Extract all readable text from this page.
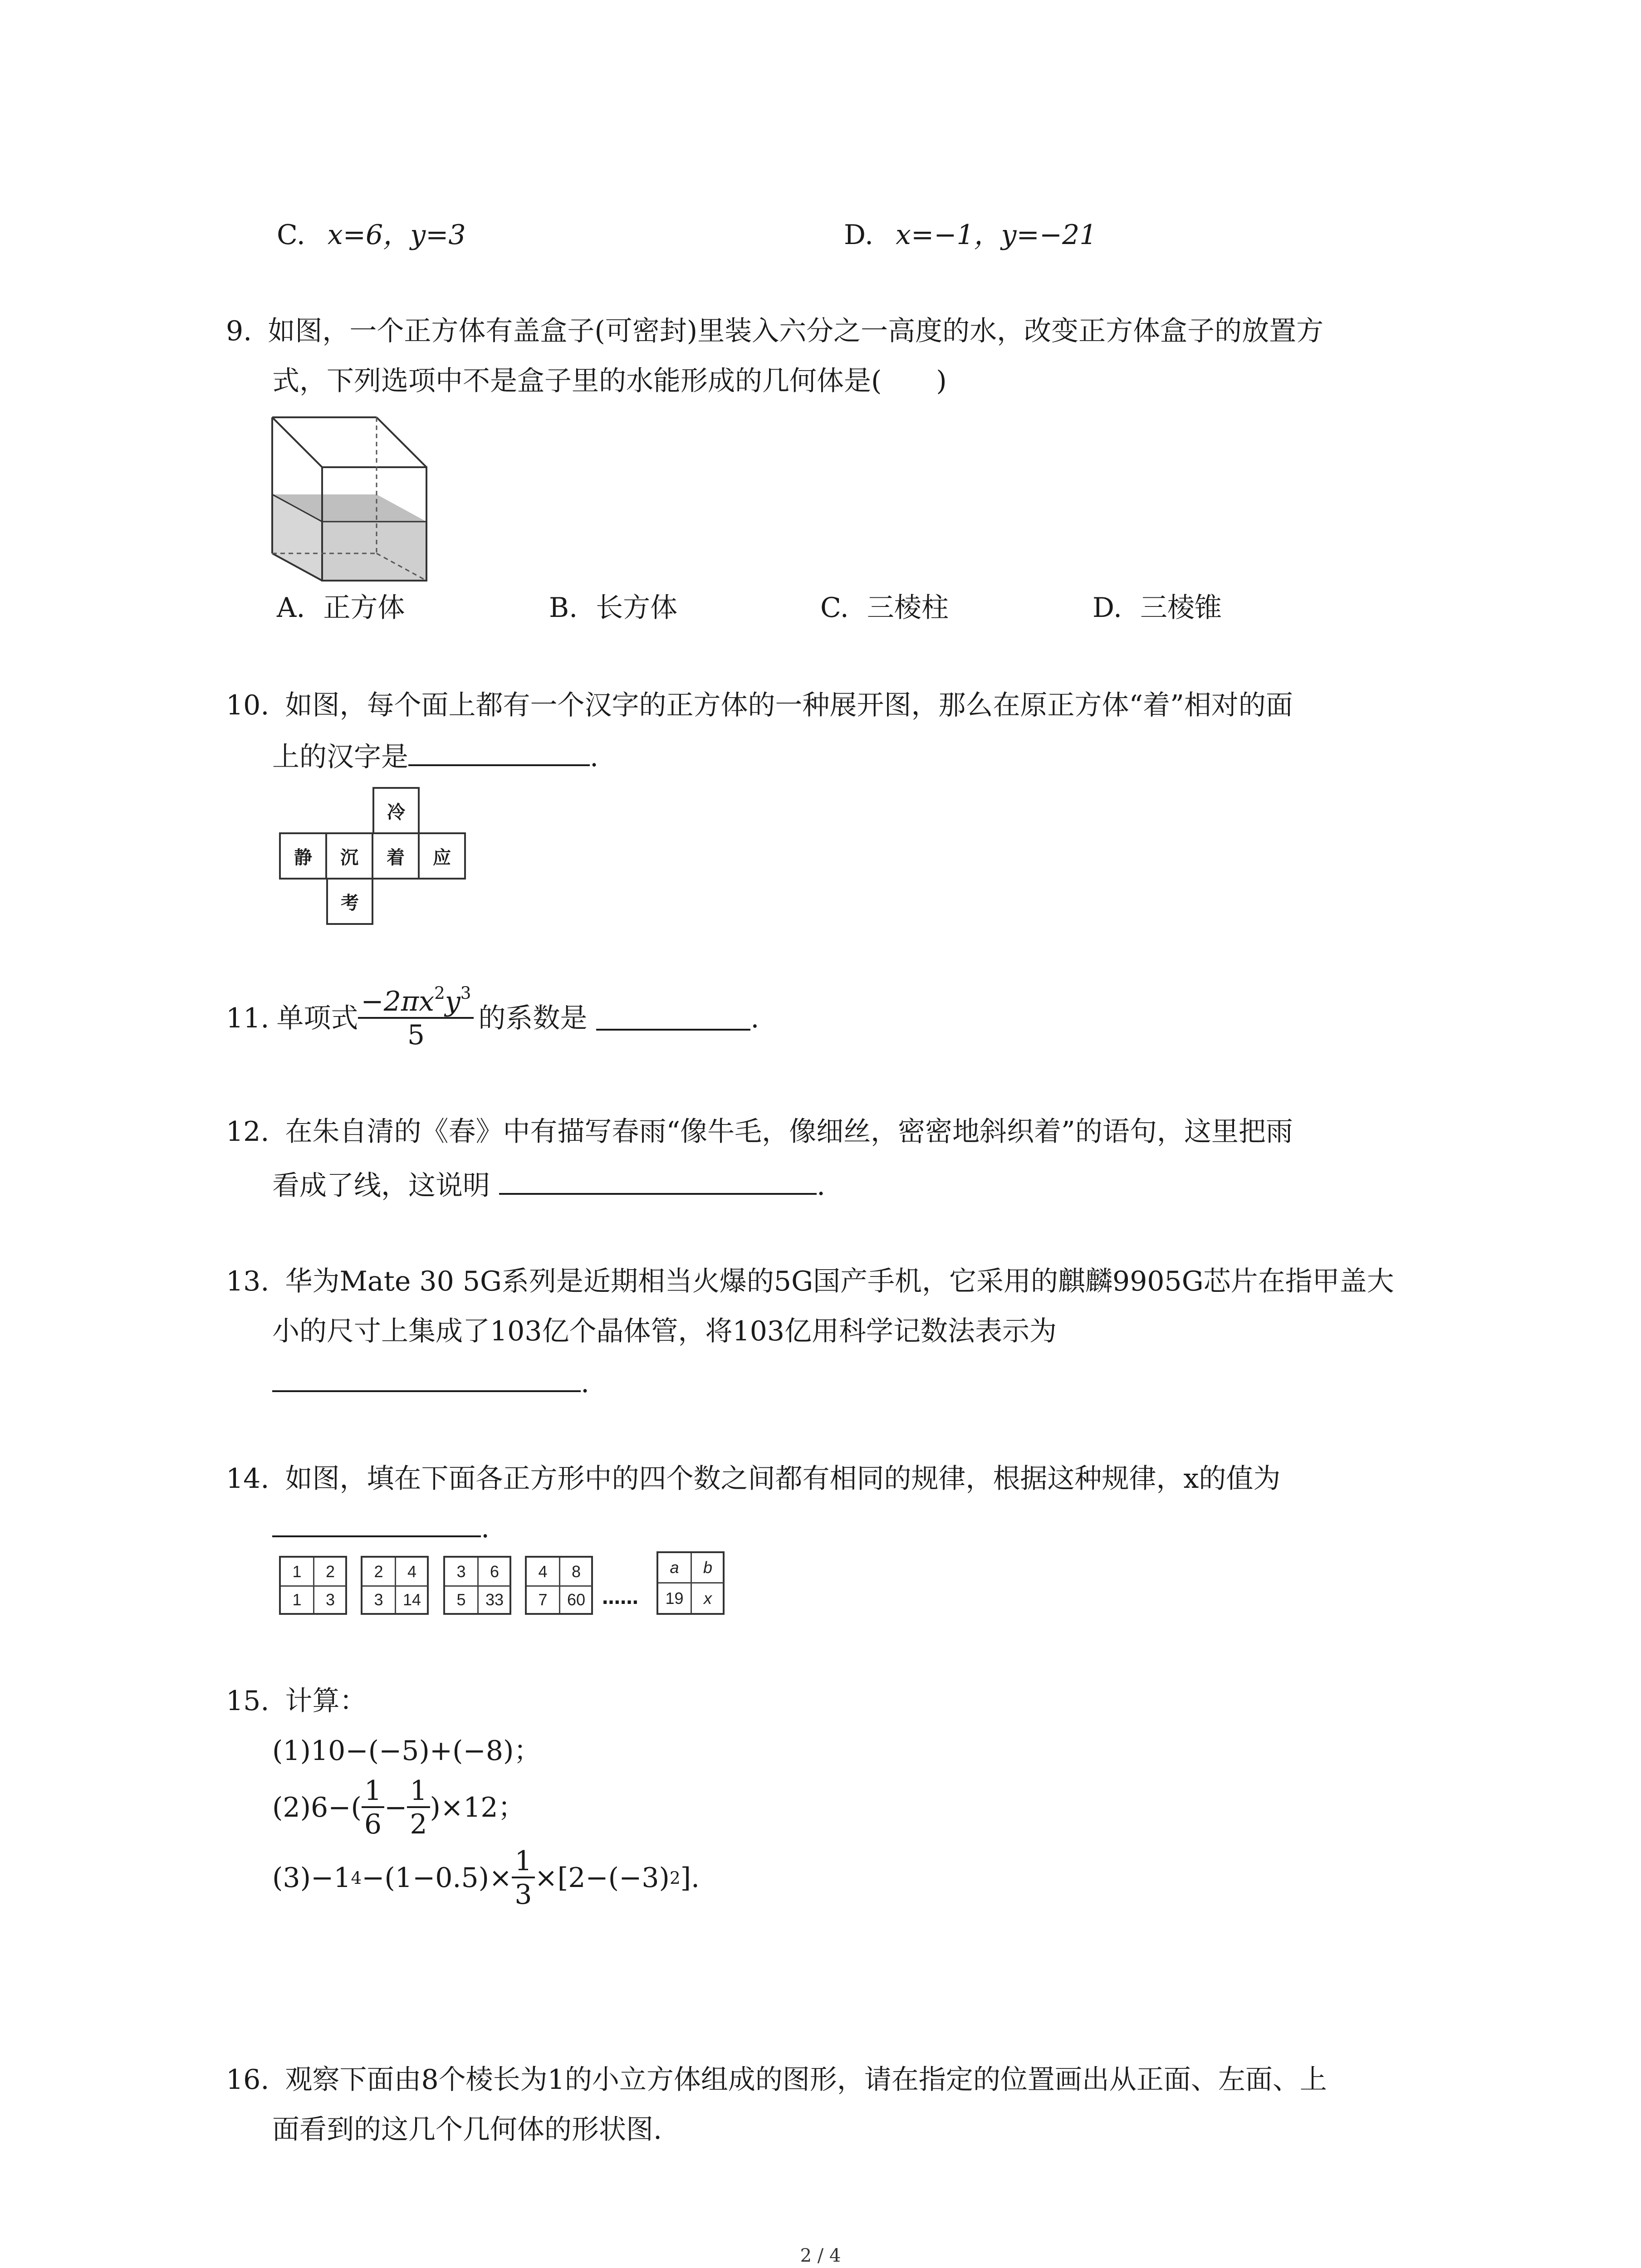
C. x=6，y=3	D. x=−1，y=−21
9. 如图，一个正方体有盖盒子(可密封)里装入六分之一高度的水，改变正方体盒子的放置方
式，下列选项中不是盒子里的水能形成的几何体是(　　)
A. 正方体	B. 长方体	C. 三棱柱	D. 三棱锥
10. 如图，每个面上都有一个汉字的正方体的一种展开图，那么在原正方体“着”相对的面
上的汉字是	.
冷
静	沉	着	应
考
11. 单项式 $\frac{-2\pi x^2y^3}{5}$ 的系数是	.
12. 在朱自清的《春》中有描写春雨“像牛毛，像细丝，密密地斜织着”的语句，这里把雨
看成了线，这说明	.
13. 华为Mate 30 5G系列是近期相当火爆的5G国产手机，它采用的麒麟9905G芯片在指甲盖大
小的尺寸上集成了103亿个晶体管，将103亿用科学记数法表示为
.
14. 如图，填在下面各正方形中的四个数之间都有相同的规律，根据这种规律，x的值为
.
1	2
1	3
2	4
3	14
3	6
5	33
4	8
7	60 ……
a	b
19	x
15. 计算：
(1)10−(−5)+(−8)；
$(2)6-( \frac{1}{6} - \frac{1}{2} )\times 12$；
(3)−1 $4 -(1-0.5)\times \frac{1}{3} \times[2-(-3)$ 2 ].
16. 观察下面由8个棱长为1的小立方体组成的图形，请在指定的位置画出从正面、左面、上
面看到的这几个几何体的形状图.
2 / 4
